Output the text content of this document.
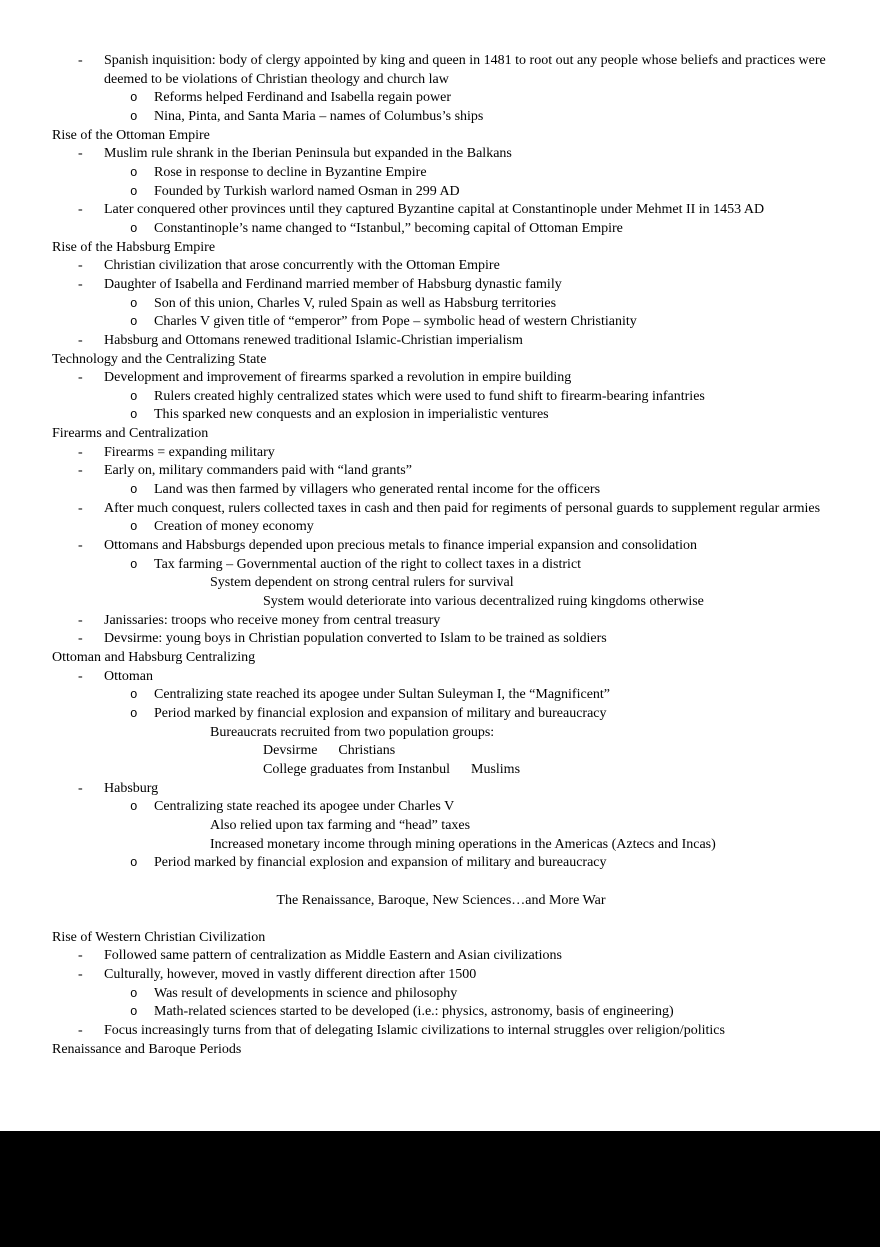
- Spanish inquisition: body of clergy appointed by king and queen in 1481 to root out any people whose beliefs and practices were deemed to be violations of Christian theology and church law
o Reforms helped Ferdinand and Isabella regain power
o Nina, Pinta, and Santa Maria – names of Columbus’s ships
Rise of the Ottoman Empire
- Muslim rule shrank in the Iberian Peninsula but expanded in the Balkans
o Rose in response to decline in Byzantine Empire
o Founded by Turkish warlord named Osman in 299 AD
- Later conquered other provinces until they captured Byzantine capital at Constantinople under Mehmet II in 1453 AD
o Constantinople’s name changed to “Istanbul,” becoming capital of Ottoman Empire
Rise of the Habsburg Empire
- Christian civilization that arose concurrently with the Ottoman Empire
- Daughter of Isabella and Ferdinand married member of Habsburg dynastic family
o Son of this union, Charles V, ruled Spain as well as Habsburg territories
o Charles V given title of “emperor” from Pope – symbolic head of western Christianity
- Habsburg and Ottomans renewed traditional Islamic-Christian imperialism
Technology and the Centralizing State
- Development and improvement of firearms sparked a revolution in empire building
o Rulers created highly centralized states which were used to fund shift to firearm-bearing infantries
o This sparked new conquests and an explosion in imperialistic ventures
Firearms and Centralization
- Firearms = expanding military
- Early on, military commanders paid with “land grants”
o Land was then farmed by villagers who generated rental income for the officers
- After much conquest, rulers collected taxes in cash and then paid for regiments of personal guards to supplement regular armies
o Creation of money economy
- Ottomans and Habsburgs depended upon precious metals to finance imperial expansion and consolidation
o Tax farming – Governmental auction of the right to collect taxes in a district
System dependent on strong central rulers for survival
System would deteriorate into various decentralized ruing kingdoms otherwise
- Janissaries: troops who receive money from central treasury
- Devsirme: young boys in Christian population converted to Islam to be trained as soldiers
Ottoman and Habsburg Centralizing
- Ottoman
o Centralizing state reached its apogee under Sultan Suleyman I, the “Magnificent”
o Period marked by financial explosion and expansion of military and bureaucracy
Bureaucrats recruited from two population groups:
Devsirme      Christians
College graduates from Instanbul      Muslims
- Habsburg
o Centralizing state reached its apogee under Charles V
Also relied upon tax farming and “head” taxes
Increased monetary income through mining operations in the Americas (Aztecs and Incas)
o Period marked by financial explosion and expansion of military and bureaucracy
The Renaissance, Baroque, New Sciences…and More War
Rise of Western Christian Civilization
- Followed same pattern of centralization as Middle Eastern and Asian civilizations
- Culturally, however, moved in vastly different direction after 1500
o Was result of developments in science and philosophy
o Math-related sciences started to be developed (i.e.: physics, astronomy, basis of engineering)
- Focus increasingly turns from that of delegating Islamic civilizations to internal struggles over religion/politics
Renaissance and Baroque Periods
